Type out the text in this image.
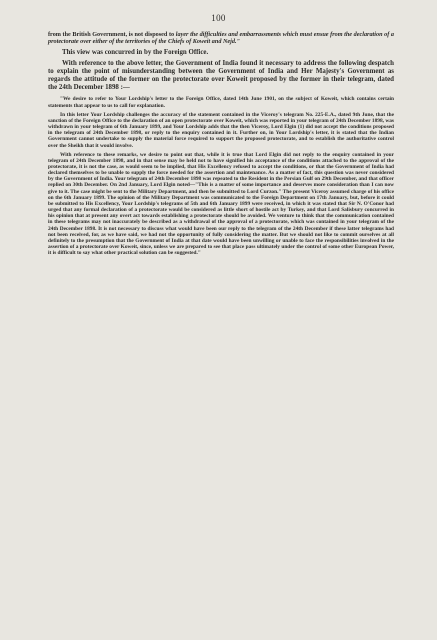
100

from the British Government, is not disposed to layer the difficulties and embarrassments which must ensue from the declaration of a protectorate over either of the territories of the Chiefs of Koweit and Nejd."

This view was concurred in by the Foreign Office.

With reference to the above letter, the Government of India found it necessary to address the following despatch to explain the point of misunderstanding between the Government of India and Her Majesty's Government as regards the attitude of the former on the protectorate over Koweit proposed by the former in their telegram, dated the 24th December 1898 :—

"We desire to refer to Your Lordship's letter to the Foreign Office, dated 14th June 1901, on the subject of Koweit, which contains certain statements that appear to us to call for explanation.

In this letter Your Lordship challenges the accuracy of the statement contained in the Viceroy's telegram No. 225-E.A., dated 9th June, that the sanction of the Foreign Office to the declaration of an open protectorate over Koweit, which was reported in your telegram of 24th December 1898, was withdrawn in your telegram of 6th January 1899, and Your Lordship adds that the then Viceroy, Lord Elgin (1) did not accept the conditions proposed in the telegram of 24th December 1898, or reply to the enquiry contained in it. Further on, in Your Lordship's letter, it is stated that the Indian Government cannot undertake to supply the material force required to support the proposed protectorate, and to establish the authoritative control over the Sheikh that it would involve.

With reference to these remarks, we desire to point out that, while it is true that Lord Elgin did not reply to the enquiry contained in your telegram of 24th December 1898, and in that sense may be held not to have signified his acceptance of the conditions attached to the approval of the protectorate, it is not the case, as would seem to be implied, that His Excellency refused to accept the conditions, or that the Government of India had declared themselves to be unable to supply the force needed for the assertion and maintenance. As a matter of fact, this question was never considered by the Government of India. Your telegram of 24th December 1898 was repeated to the Resident in the Persian Gulf on 29th December, and that officer replied on 30th December. On 2nd January, Lord Elgin noted—"This is a matter of some importance and deserves more consideration than I can now give to it. The case might be sent to the Military Department, and then be submitted to Lord Curzon." The present Viceroy assumed charge of his office on the 6th January 1899. The opinion of the Military Department was communicated to the Foreign Department on 17th January, but, before it could be submitted to His Excellency, Your Lordship's telegrams of 5th and 6th January 1899 were received, in which it was stated that Sir N. O'Conor had urged that any formal declaration of a protectorate would be considered as little short of hostile act by Turkey, and that Lord Salisbury concurred in his opinion that at present any overt act towards establishing a protectorate should be avoided. We venture to think that the communication contained in these telegrams may not inaccurately be described as a withdrawal of the approval of a protectorate, which was contained in your telegram of the 24th December 1898. It is not necessary to discuss what would have been our reply to the telegram of the 24th December if these latter telegrams had not been received, for, as we have said, we had not the opportunity of fully considering the matter. But we should not like to commit ourselves at all definitely to the presumption that the Government of India at that date would have been unwilling or unable to face the responsibilities involved in the assertion of a protectorate over Koweit, since, unless we are prepared to see that place pass ultimately under the control of some other European Power, it is difficult to say what other practical solution can be suggested."
